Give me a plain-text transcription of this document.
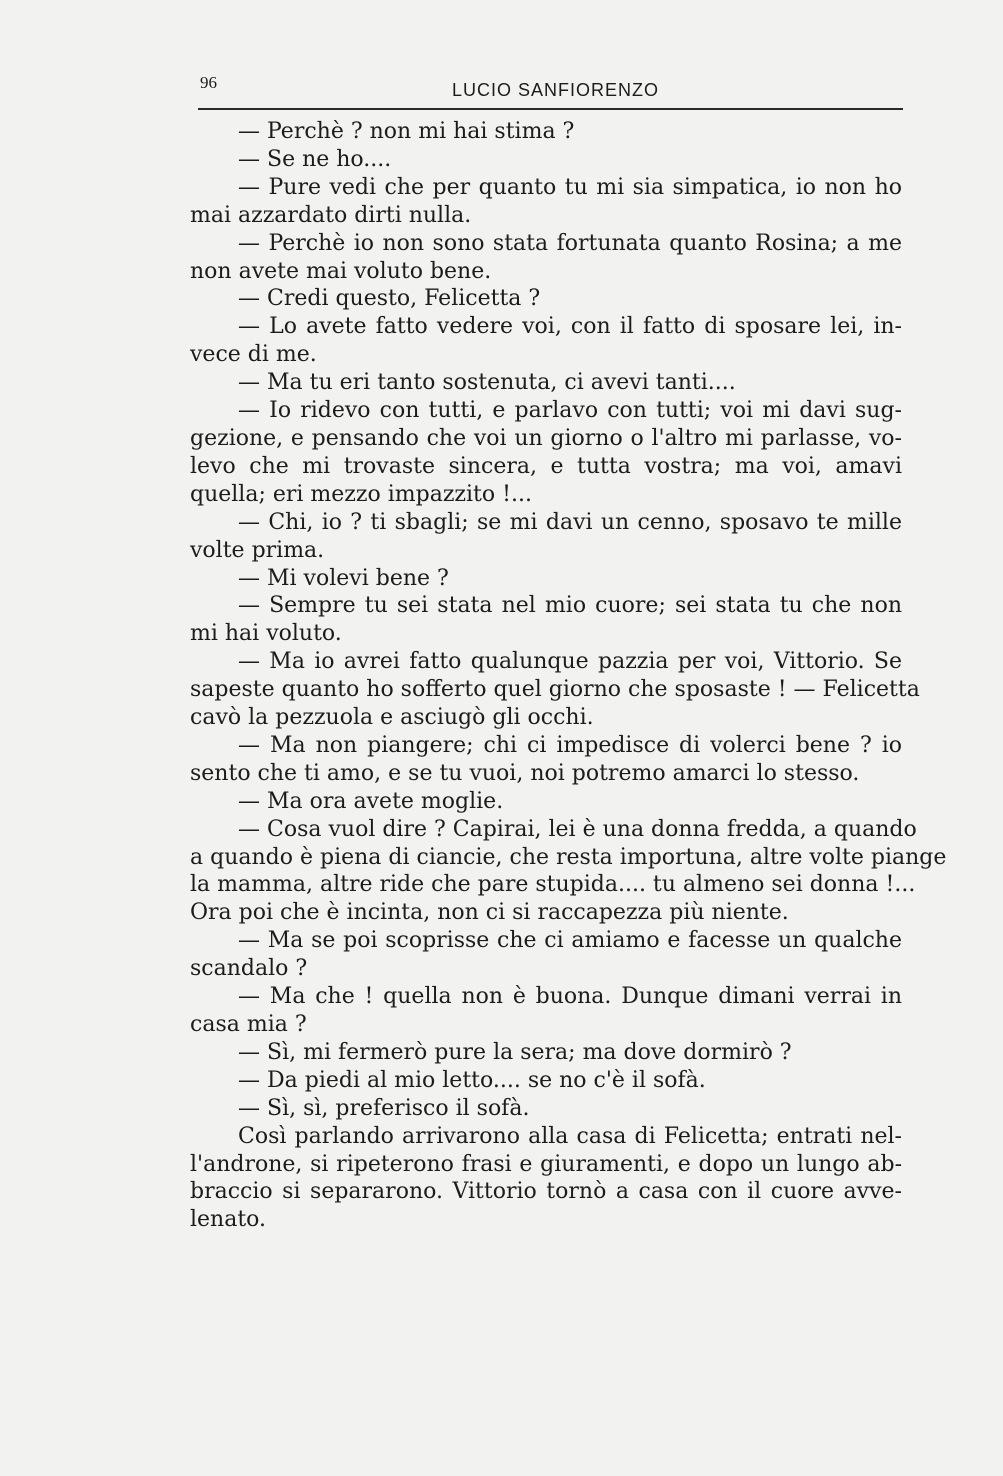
96	LUCIO SANFIORENZO
— Perchè ? non mi hai stima ?
— Se ne ho....
— Pure vedi che per quanto tu mi sia simpatica, io non ho
mai azzardato dirti nulla.
— Perchè io non sono stata fortunata quanto Rosina; a me
non avete mai voluto bene.
— Credi questo, Felicetta ?
— Lo avete fatto vedere voi, con il fatto di sposare lei, in-
vece di me.
— Ma tu eri tanto sostenuta, ci avevi tanti....
— Io ridevo con tutti, e parlavo con tutti; voi mi davi sug-
gezione, e pensando che voi un giorno o l'altro mi parlasse, vo-
levo che mi trovaste sincera, e tutta vostra; ma voi, amavi
quella; eri mezzo impazzito !...
— Chi, io ? ti sbagli; se mi davi un cenno, sposavo te mille
volte prima.
— Mi volevi bene ?
— Sempre tu sei stata nel mio cuore; sei stata tu che non
mi hai voluto.
— Ma io avrei fatto qualunque pazzia per voi, Vittorio. Se
sapeste quanto ho sofferto quel giorno che sposaste ! — Felicetta
cavò la pezzuola e asciugò gli occhi.
— Ma non piangere; chi ci impedisce di volerci bene ? io
sento che ti amo, e se tu vuoi, noi potremo amarci lo stesso.
— Ma ora avete moglie.
— Cosa vuol dire ? Capirai, lei è una donna fredda, a quando
a quando è piena di ciancie, che resta importuna, altre volte piange
la mamma, altre ride che pare stupida.... tu almeno sei donna !...
Ora poi che è incinta, non ci si raccapezza più niente.
— Ma se poi scoprisse che ci amiamo e facesse un qualche
scandalo ?
— Ma che ! quella non è buona. Dunque dimani verrai in
casa mia ?
— Sì, mi fermerò pure la sera; ma dove dormirò ?
— Da piedi al mio letto.... se no c'è il sofà.
— Sì, sì, preferisco il sofà.
Così parlando arrivarono alla casa di Felicetta; entrati nel-
l'androne, si ripeterono frasi e giuramenti, e dopo un lungo ab-
braccio si separarono. Vittorio tornò a casa con il cuore avve-
lenato.
